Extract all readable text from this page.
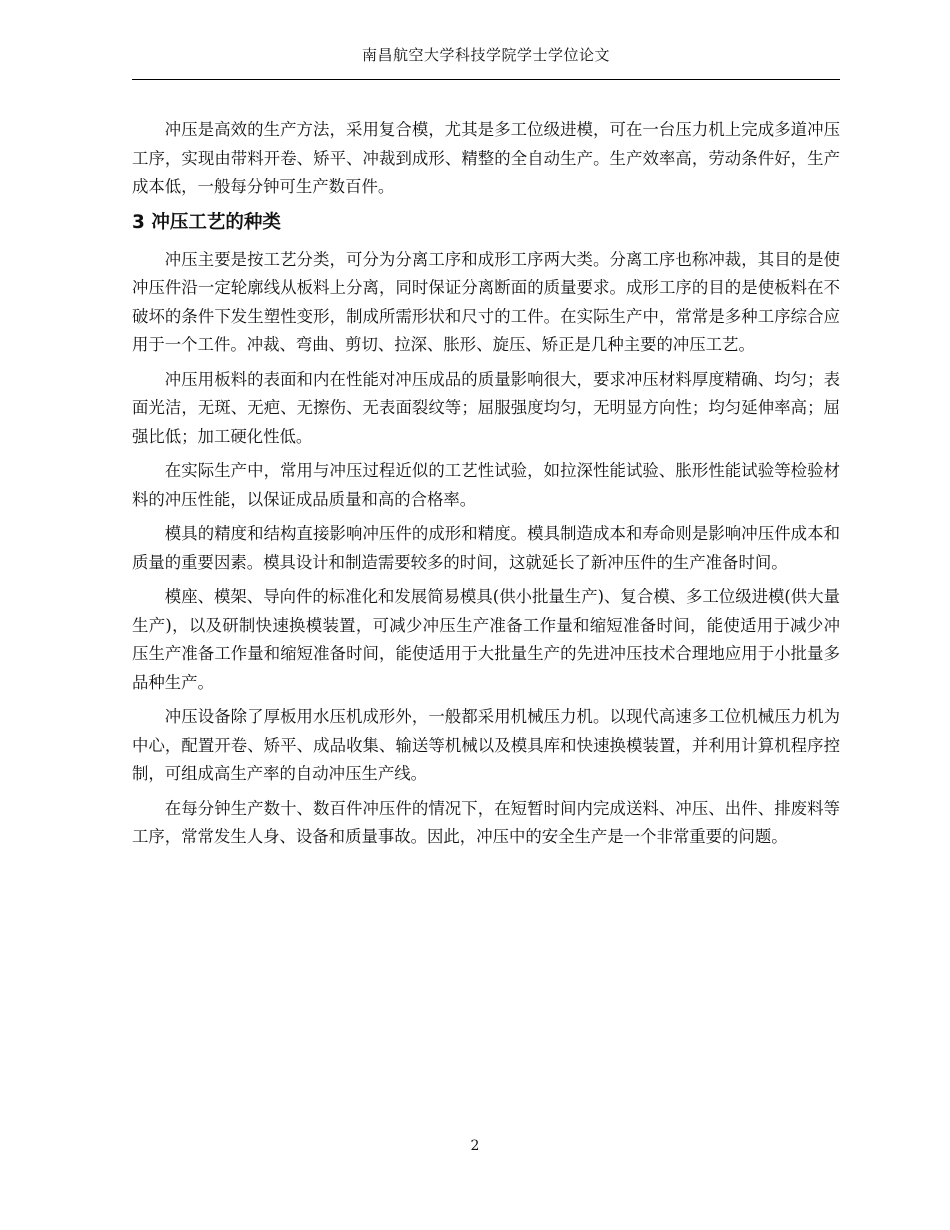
南昌航空大学科技学院学士学位论文

冲压是高效的生产方法，采用复合模，尤其是多工位级进模，可在一台压力机上完成多道冲压工序，实现由带料开卷、矫平、冲裁到成形、精整的全自动生产。生产效率高，劳动条件好，生产成本低，一般每分钟可生产数百件。

3 冲压工艺的种类

冲压主要是按工艺分类，可分为分离工序和成形工序两大类。分离工序也称冲裁，其目的是使冲压件沿一定轮廓线从板料上分离，同时保证分离断面的质量要求。成形工序的目的是使板料在不破坏的条件下发生塑性变形，制成所需形状和尺寸的工件。在实际生产中，常常是多种工序综合应用于一个工件。冲裁、弯曲、剪切、拉深、胀形、旋压、矫正是几种主要的冲压工艺。

冲压用板料的表面和内在性能对冲压成品的质量影响很大，要求冲压材料厚度精确、均匀；表面光洁，无斑、无疤、无擦伤、无表面裂纹等；屈服强度均匀，无明显方向性；均匀延伸率高；屈强比低；加工硬化性低。

在实际生产中，常用与冲压过程近似的工艺性试验，如拉深性能试验、胀形性能试验等检验材料的冲压性能，以保证成品质量和高的合格率。

模具的精度和结构直接影响冲压件的成形和精度。模具制造成本和寿命则是影响冲压件成本和质量的重要因素。模具设计和制造需要较多的时间，这就延长了新冲压件的生产准备时间。

模座、模架、导向件的标准化和发展简易模具(供小批量生产)、复合模、多工位级进模(供大量生产)，以及研制快速换模装置，可减少冲压生产准备工作量和缩短准备时间，能使适用于减少冲压生产准备工作量和缩短准备时间，能使适用于大批量生产的先进冲压技术合理地应用于小批量多品种生产。

冲压设备除了厚板用水压机成形外，一般都采用机械压力机。以现代高速多工位机械压力机为中心，配置开卷、矫平、成品收集、输送等机械以及模具库和快速换模装置，并利用计算机程序控制，可组成高生产率的自动冲压生产线。

在每分钟生产数十、数百件冲压件的情况下，在短暂时间内完成送料、冲压、出件、排废料等工序，常常发生人身、设备和质量事故。因此，冲压中的安全生产是一个非常重要的问题。

2
